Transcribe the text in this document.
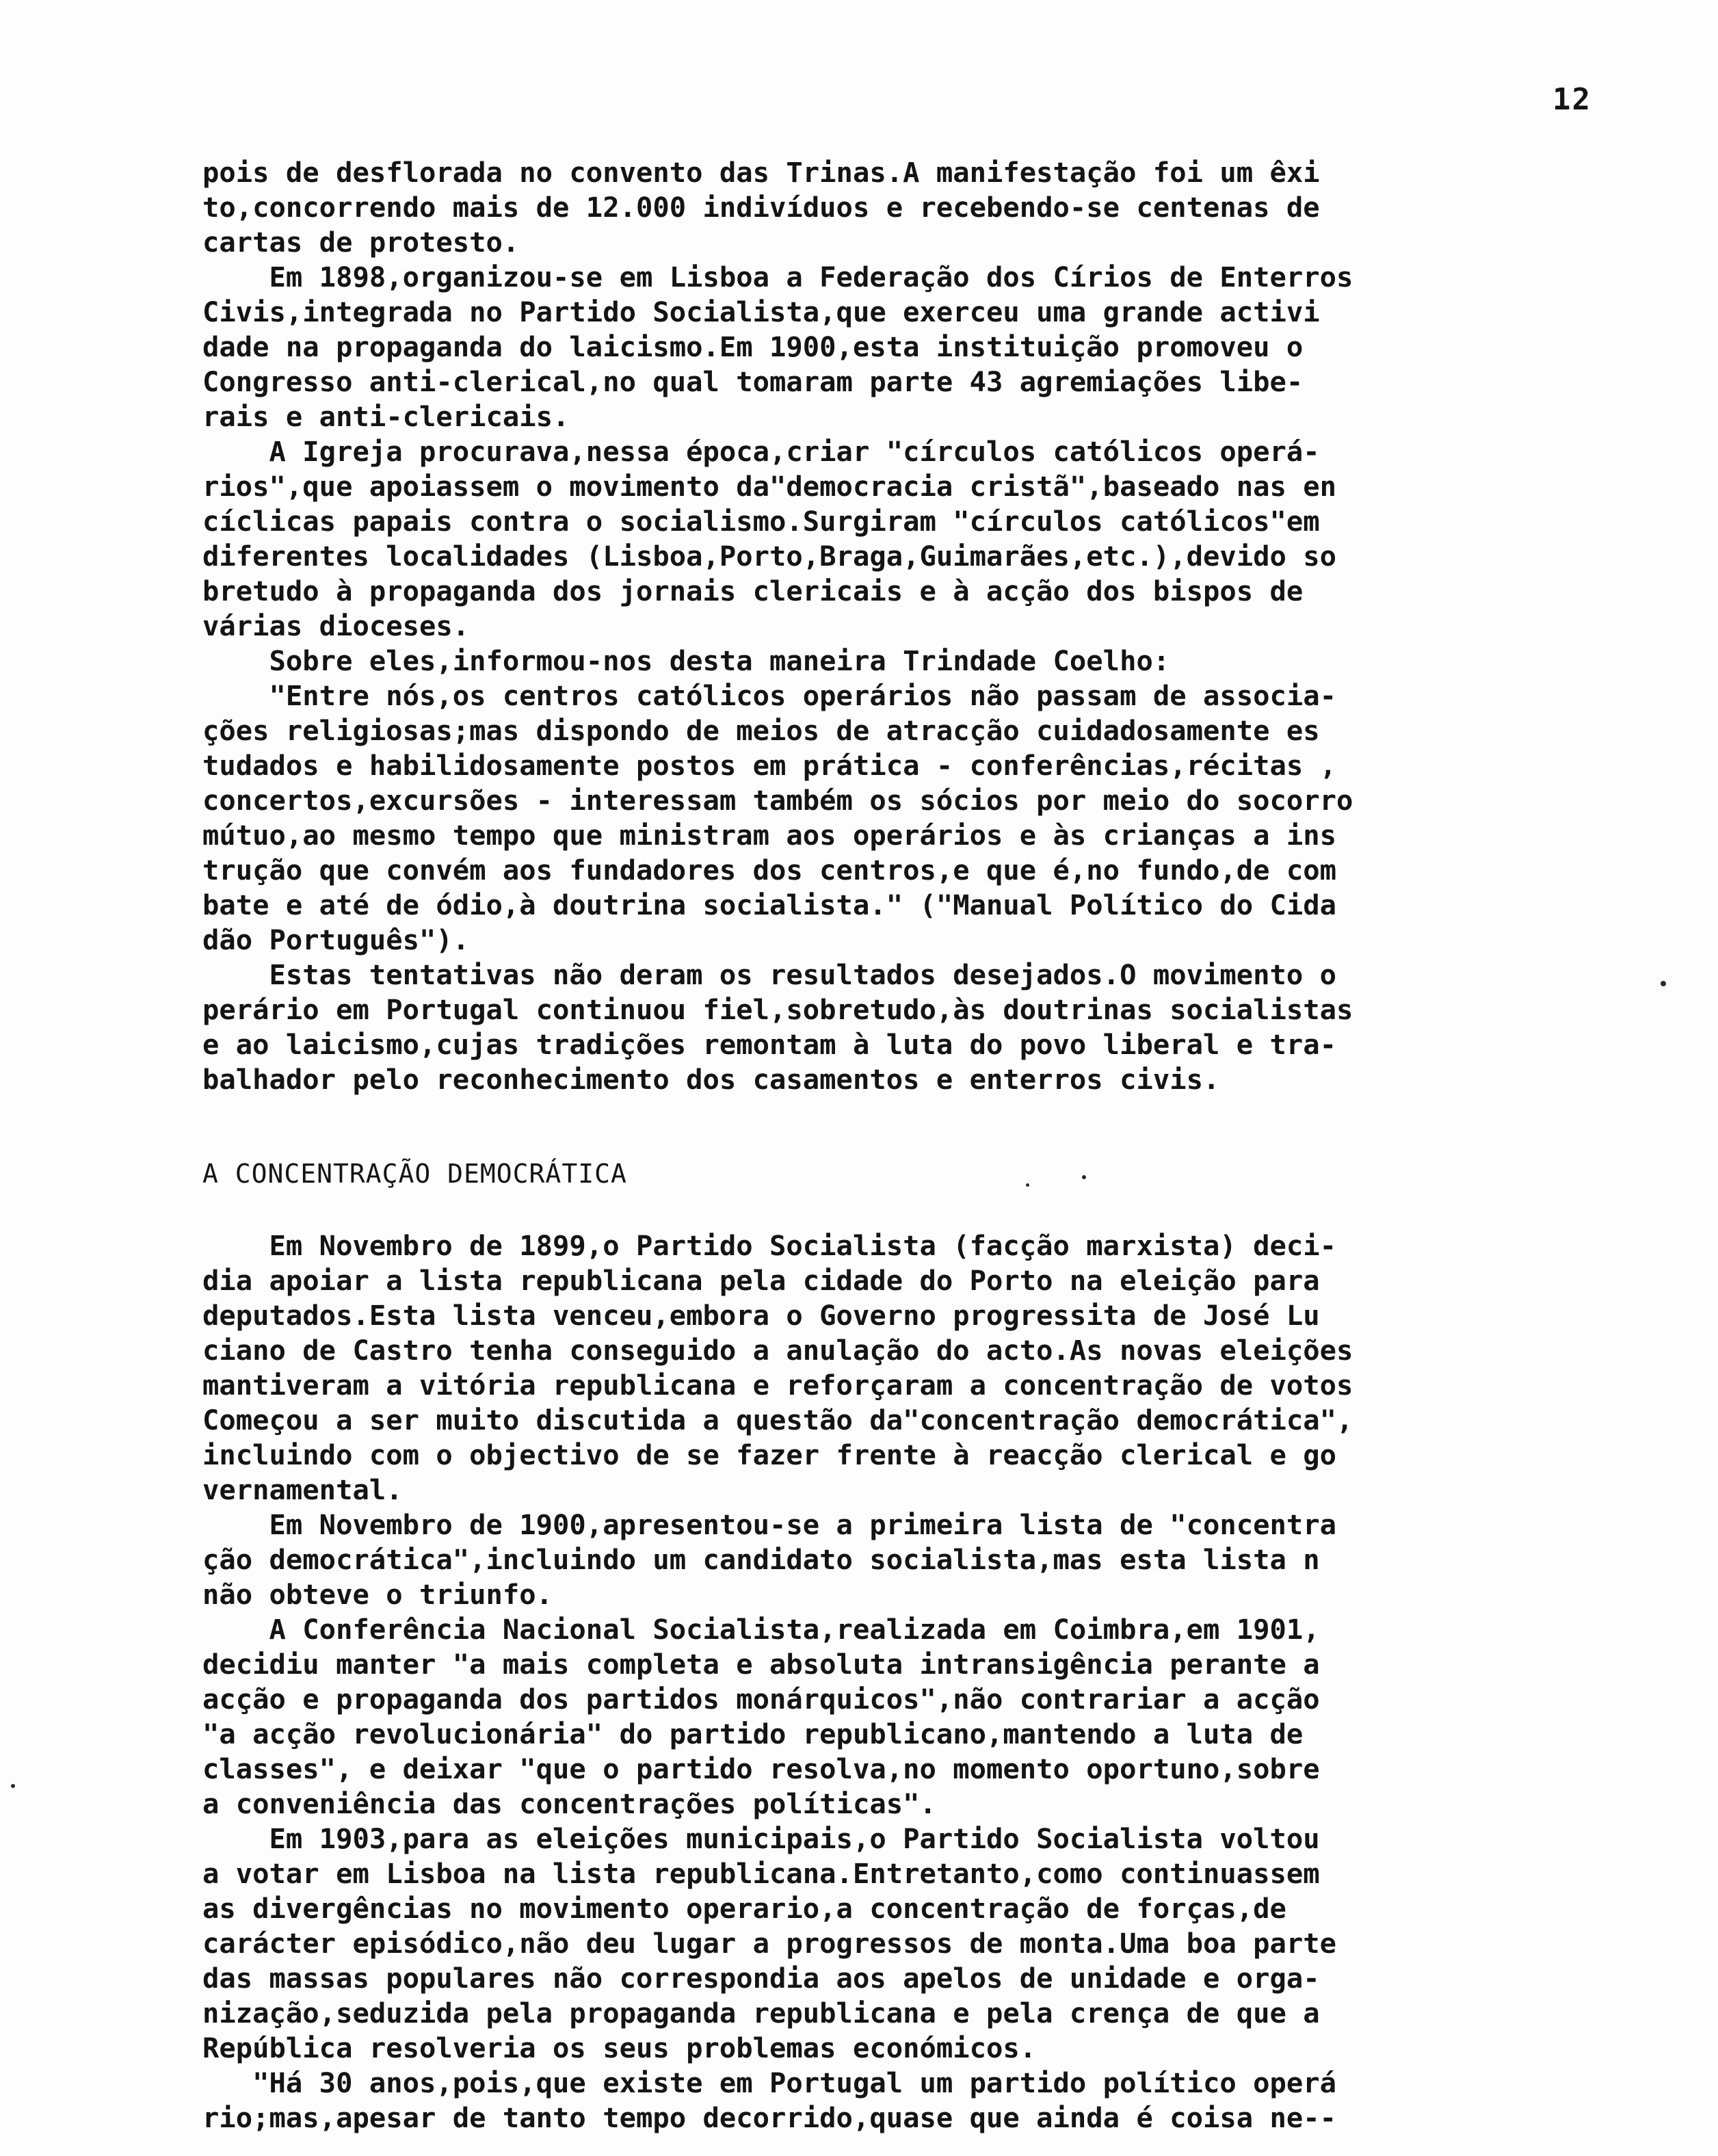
12
pois de desflorada no convento das Trinas.A manifestação foi um êxi
to,concorrendo mais de 12.000 indivíduos e recebendo-se centenas de
cartas de protesto.
Em 1898,organizou-se em Lisboa a Federação dos Círios de Enterros
Civis,integrada no Partido Socialista,que exerceu uma grande activi
dade na propaganda do laicismo.Em 1900,esta instituição promoveu o
Congresso anti-clerical,no qual tomaram parte 43 agremiações libe-
rais e anti-clericais.
A Igreja procurava,nessa época,criar "círculos católicos operá-
rios",que apoiassem o movimento da"democracia cristã",baseado nas en
cíclicas papais contra o socialismo.Surgiram "círculos católicos"em
diferentes localidades (Lisboa,Porto,Braga,Guimarães,etc.),devido so
bretudo à propaganda dos jornais clericais e à acção dos bispos de
várias dioceses.
Sobre eles,informou-nos desta maneira Trindade Coelho:
"Entre nós,os centros católicos operários não passam de associa-
ções religiosas;mas dispondo de meios de atracção cuidadosamente es
tudados e habilidosamente postos em prática - conferências,récitas ,
concertos,excursões - interessam também os sócios por meio do socorro
mútuo,ao mesmo tempo que ministram aos operários e às crianças a ins
trução que convém aos fundadores dos centros,e que é,no fundo,de com
bate e até de ódio,à doutrina socialista." ("Manual Político do Cida
dão Português").
Estas tentativas não deram os resultados desejados.O movimento o
perário em Portugal continuou fiel,sobretudo,às doutrinas socialistas
e ao laicismo,cujas tradições remontam à luta do povo liberal e tra-
balhador pelo reconhecimento dos casamentos e enterros civis.
A CONCENTRAÇÃO DEMOCRÁTICA
Em Novembro de 1899,o Partido Socialista (facção marxista) deci-
dia apoiar a lista republicana pela cidade do Porto na eleição para
deputados.Esta lista venceu,embora o Governo progressita de José Lu
ciano de Castro tenha conseguido a anulação do acto.As novas eleições
mantiveram a vitória republicana e reforçaram a concentração de votos
Começou a ser muito discutida a questão da"concentração democrática",
incluindo com o objectivo de se fazer frente à reacção clerical e go
vernamental.
Em Novembro de 1900,apresentou-se a primeira lista de "concentra
ção democrática",incluindo um candidato socialista,mas esta lista n
não obteve o triunfo.
A Conferência Nacional Socialista,realizada em Coimbra,em 1901,
decidiu manter "a mais completa e absoluta intransigência perante a
acção e propaganda dos partidos monárquicos",não contrariar a acção
"a acção revolucionária" do partido republicano,mantendo a luta de
classes", e deixar "que o partido resolva,no momento oportuno,sobre
a conveniência das concentrações políticas".
Em 1903,para as eleições municipais,o Partido Socialista voltou
a votar em Lisboa na lista republicana.Entretanto,como continuassem
as divergências no movimento operario,a concentração de forças,de
carácter episódico,não deu lugar a progressos de monta.Uma boa parte
das massas populares não correspondia aos apelos de unidade e orga-
nização,seduzida pela propaganda republicana e pela crença de que a
República resolveria os seus problemas económicos.
"Há 30 anos,pois,que existe em Portugal um partido político operá
rio;mas,apesar de tanto tempo decorrido,quase que ainda é coisa ne--
